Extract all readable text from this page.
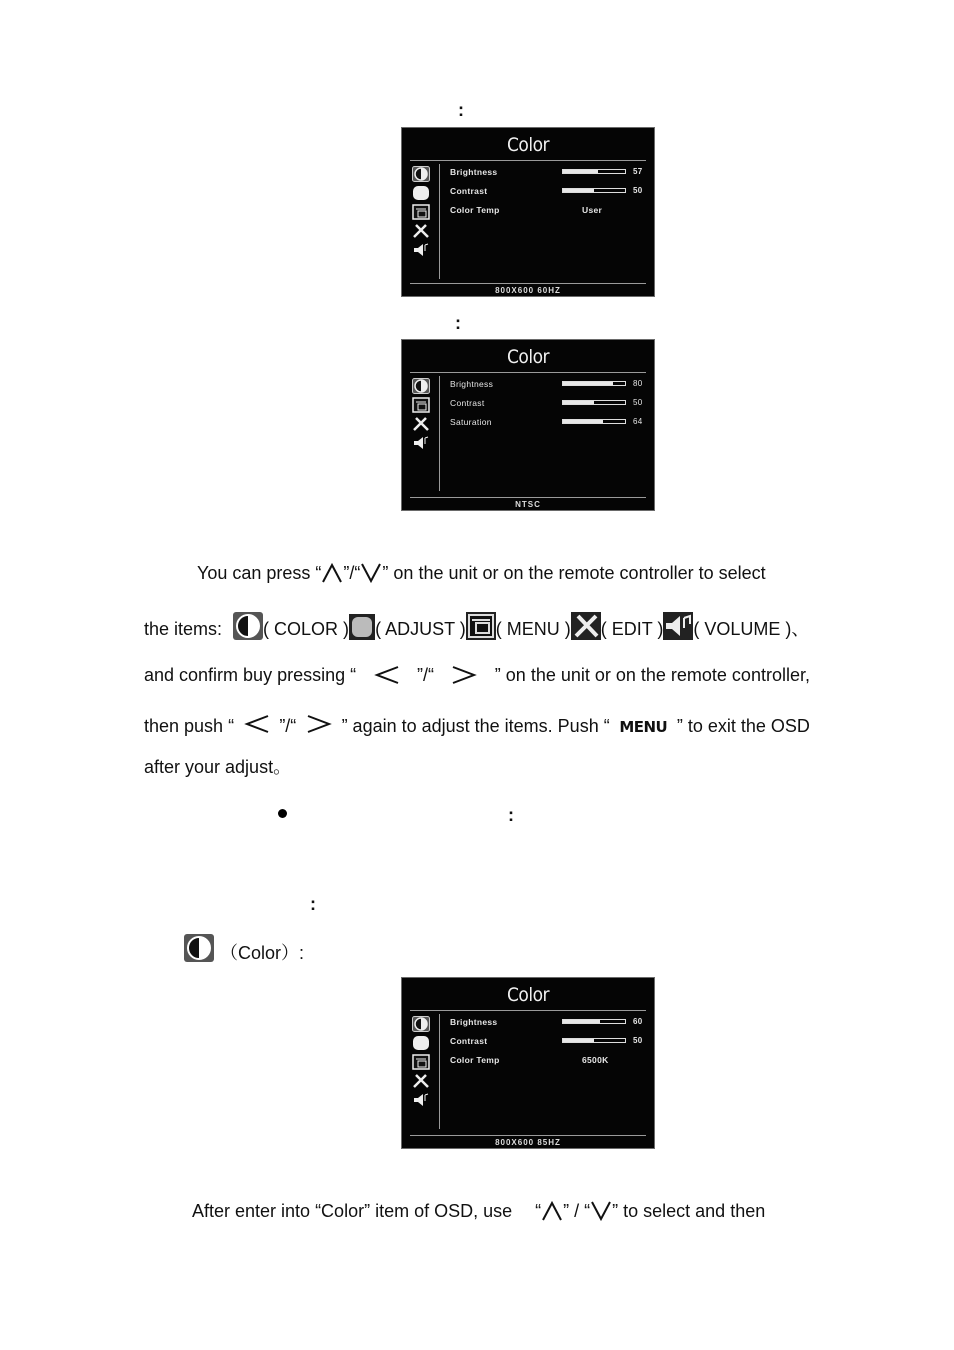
:
Color
Brightness	57
Contrast	50
Color Temp	User
800X600 60HZ
:
Color
Brightness	80
Contrast	50
Saturation	64
NTSC
You can press “ ”/“ ” on the unit or on the remote controller to select
the items: ( COLOR ) ( ADJUST ) ( MENU ) ( EDIT ) ( VOLUME )、
and confirm buy pressing “	”/“	” on the unit or on the remote controller,
then push “	”/“	” again to adjust the items. Push “ MENU ” to exit the OSD
after your adjust。
:
:
（Color）:
Color
Brightness	60
Contrast	50
Color Temp	6500K
800X600 85HZ
After enter into “Color” item of OSD, use 　“ ” / “ ” to select and then
